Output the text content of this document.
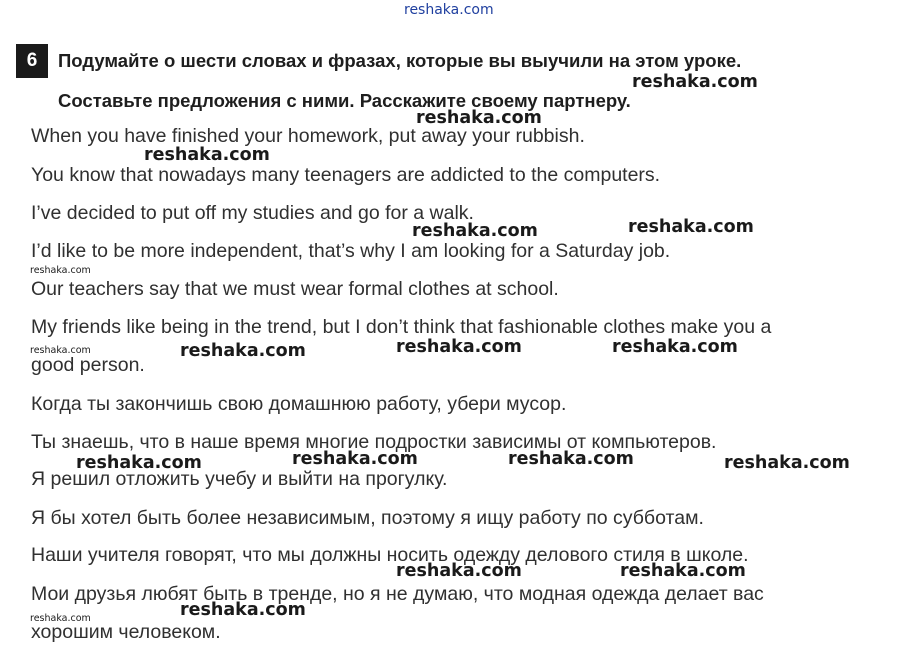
reshaka.com
6	Подумайте о шести словах и фразах, которые вы выучили на этом уроке.
Составьте предложения с ними. Расскажите своему партнеру.
When you have finished your homework, put away your rubbish.
You know that nowadays many teenagers are addicted to the computers.
I’ve decided to put off my studies and go for a walk.
I’d like to be more independent, that’s why I am looking for a Saturday job.
Our teachers say that we must wear formal clothes at school.
My friends like being in the trend, but I don’t think that fashionable clothes make you a
good person.
Когда ты закончишь свою домашнюю работу, убери мусор.
Ты знаешь, что в наше время многие подростки зависимы от компьютеров.
Я решил отложить учебу и выйти на прогулку.
Я бы хотел быть более независимым, поэтому я ищу работу по субботам.
Наши учителя говорят, что мы должны носить одежду делового стиля в школе.
Мои друзья любят быть в тренде, но я не думаю, что модная одежда делает вас
хорошим человеком.
reshaka.com
reshaka.com
reshaka.com
reshaka.com
reshaka.com
reshaka.com
reshaka.com	reshaka.com	reshaka.com	reshaka.com
reshaka.com	reshaka.com	reshaka.com	reshaka.com
reshaka.com	reshaka.com
reshaka.com	reshaka.com
